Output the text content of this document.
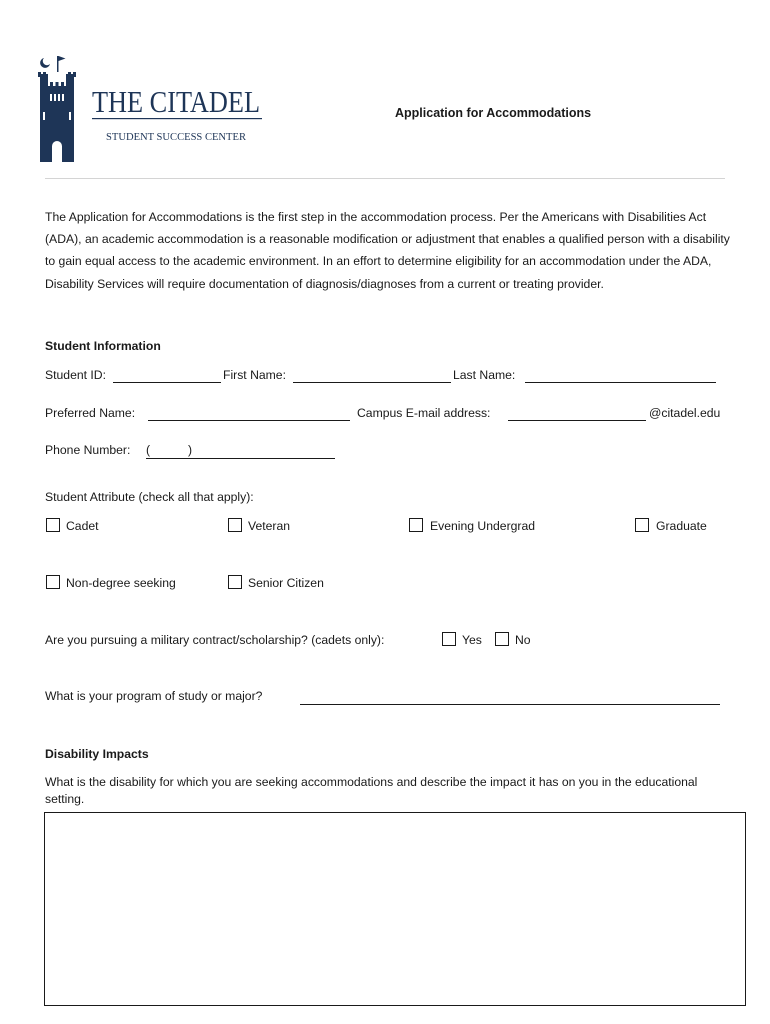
THE CITADEL
STUDENT SUCCESS CENTER
Application for Accommodations
The Application for Accommodations is the first step in the accommodation process. Per the Americans with Disabilities Act (ADA), an academic accommodation is a reasonable modification or adjustment that enables a qualified person with a disability to gain equal access to the academic environment. In an effort to determine eligibility for an accommodation under the ADA, Disability Services will require documentation of diagnosis/diagnoses from a current or treating provider.
Student Information
Student ID:	First Name:	Last Name:
Preferred Name:	Campus E-mail address:	@citadel.edu
Phone Number: (	)
Student Attribute (check all that apply):
Cadet	Veteran	Evening Undergrad	Graduate
Non-degree seeking	Senior Citizen
Are you pursuing a military contract/scholarship? (cadets only):	Yes	No
What is your program of study or major?
Disability Impacts
What is the disability for which you are seeking accommodations and describe the impact it has on you in the educational setting.
